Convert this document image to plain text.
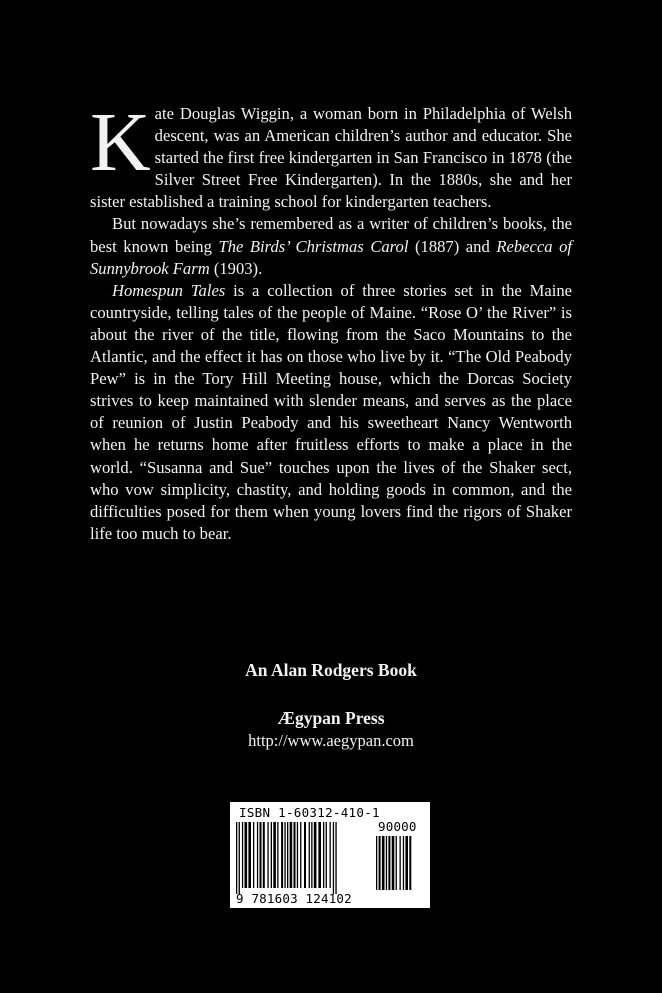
Kate Douglas Wiggin, a woman born in Philadelphia of Welsh descent, was an American children’s author and educator. She started the first free kindergarten in San Francisco in 1878 (the Silver Street Free Kindergarten). In the 1880s, she and her sister established a training school for kindergarten teachers.

But nowadays she’s remembered as a writer of children’s books, the best known being The Birds’ Christmas Carol (1887) and Rebecca of Sunnybrook Farm (1903).

Homespun Tales is a collection of three stories set in the Maine countryside, telling tales of the people of Maine. “Rose O’ the River” is about the river of the title, flowing from the Saco Mountains to the Atlantic, and the effect it has on those who live by it. “The Old Peabody Pew” is in the Tory Hill Meeting house, which the Dorcas Society strives to keep maintained with slender means, and serves as the place of reunion of Justin Peabody and his sweetheart Nancy Wentworth when he returns home after fruitless efforts to make a place in the world. “Susanna and Sue” touches upon the lives of the Shaker sect, who vow simplicity, chastity, and holding goods in common, and the difficulties posed for them when young lovers find the rigors of Shaker life too much to bear.

An Alan Rodgers Book
Ægypan Press
http://www.aegypan.com
ISBN 1-60312-410-1
90000
9 781603 124102
